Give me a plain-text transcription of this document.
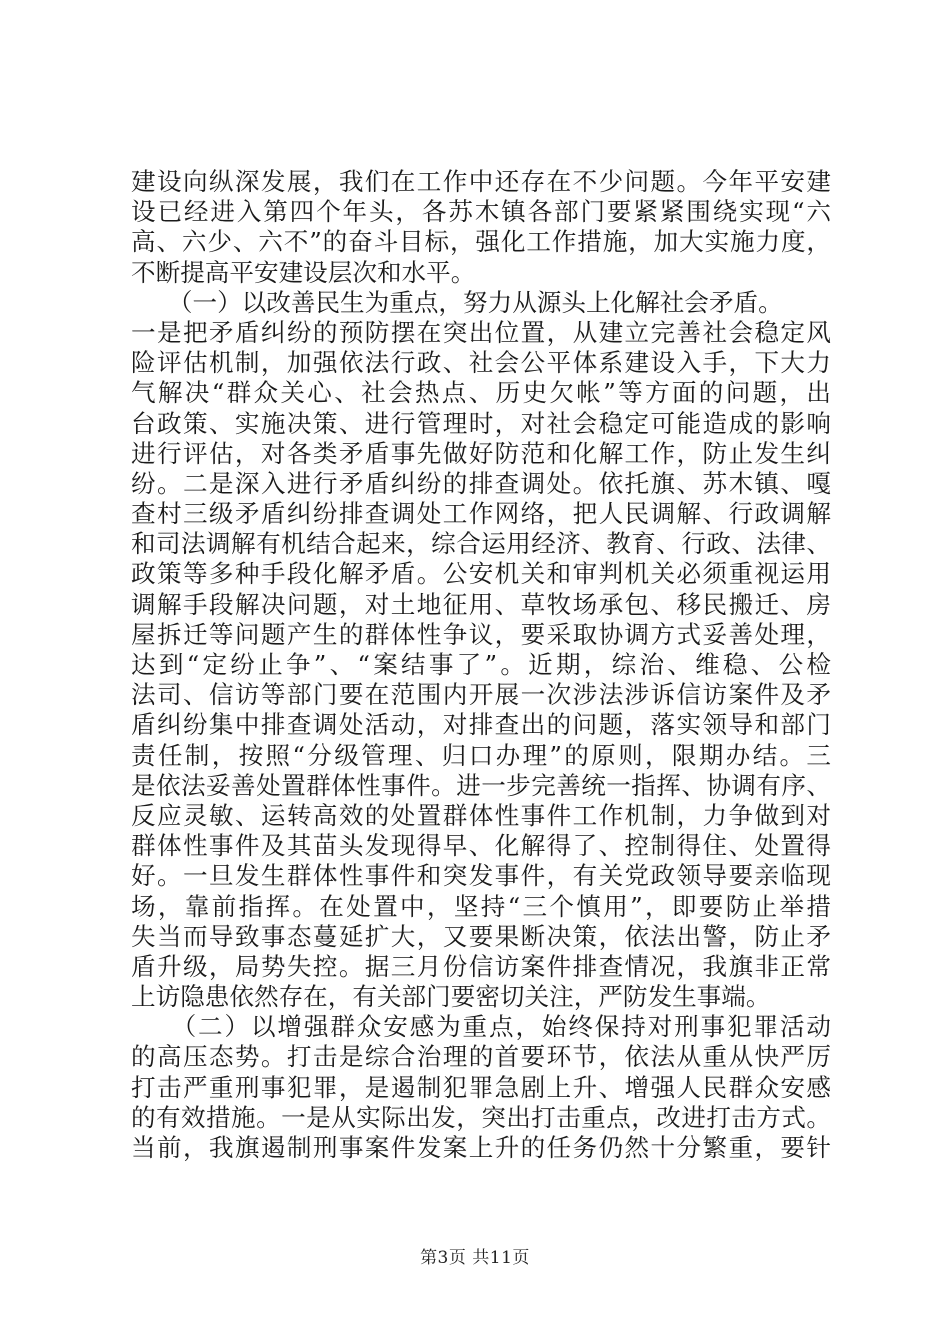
建设向纵深发展，我们在工作中还存在不少问题。今年平安建
设已经进入第四个年头，各苏木镇各部门要紧紧围绕实现“六
高、六少、六不”的奋斗目标，强化工作措施，加大实施力度，
不断提高平安建设层次和水平。
　　（一）以改善民生为重点，努力从源头上化解社会矛盾。
一是把矛盾纠纷的预防摆在突出位置，从建立完善社会稳定风
险评估机制，加强依法行政、社会公平体系建设入手，下大力
气解决“群众关心、社会热点、历史欠帐”等方面的问题，出
台政策、实施决策、进行管理时，对社会稳定可能造成的影响
进行评估，对各类矛盾事先做好防范和化解工作，防止发生纠
纷。二是深入进行矛盾纠纷的排查调处。依托旗、苏木镇、嘎
查村三级矛盾纠纷排查调处工作网络，把人民调解、行政调解
和司法调解有机结合起来，综合运用经济、教育、行政、法律、
政策等多种手段化解矛盾。公安机关和审判机关必须重视运用
调解手段解决问题，对土地征用、草牧场承包、移民搬迁、房
屋拆迁等问题产生的群体性争议，要采取协调方式妥善处理，
达到“定纷止争”、“案结事了”。近期，综治、维稳、公检
法司、信访等部门要在范围内开展一次涉法涉诉信访案件及矛
盾纠纷集中排查调处活动，对排查出的问题，落实领导和部门
责任制，按照“分级管理、归口办理”的原则，限期办结。三
是依法妥善处置群体性事件。进一步完善统一指挥、协调有序、
反应灵敏、运转高效的处置群体性事件工作机制，力争做到对
群体性事件及其苗头发现得早、化解得了、控制得住、处置得
好。一旦发生群体性事件和突发事件，有关党政领导要亲临现
场，靠前指挥。在处置中，坚持“三个慎用”，即要防止举措
失当而导致事态蔓延扩大，又要果断决策，依法出警，防止矛
盾升级，局势失控。据三月份信访案件排查情况，我旗非正常
上访隐患依然存在，有关部门要密切关注，严防发生事端。
　　（二）以增强群众安感为重点，始终保持对刑事犯罪活动
的高压态势。打击是综合治理的首要环节，依法从重从快严厉
打击严重刑事犯罪，是遏制犯罪急剧上升、增强人民群众安感
的有效措施。一是从实际出发，突出打击重点，改进打击方式。
当前，我旗遏制刑事案件发案上升的任务仍然十分繁重，要针
第3页 共11页
